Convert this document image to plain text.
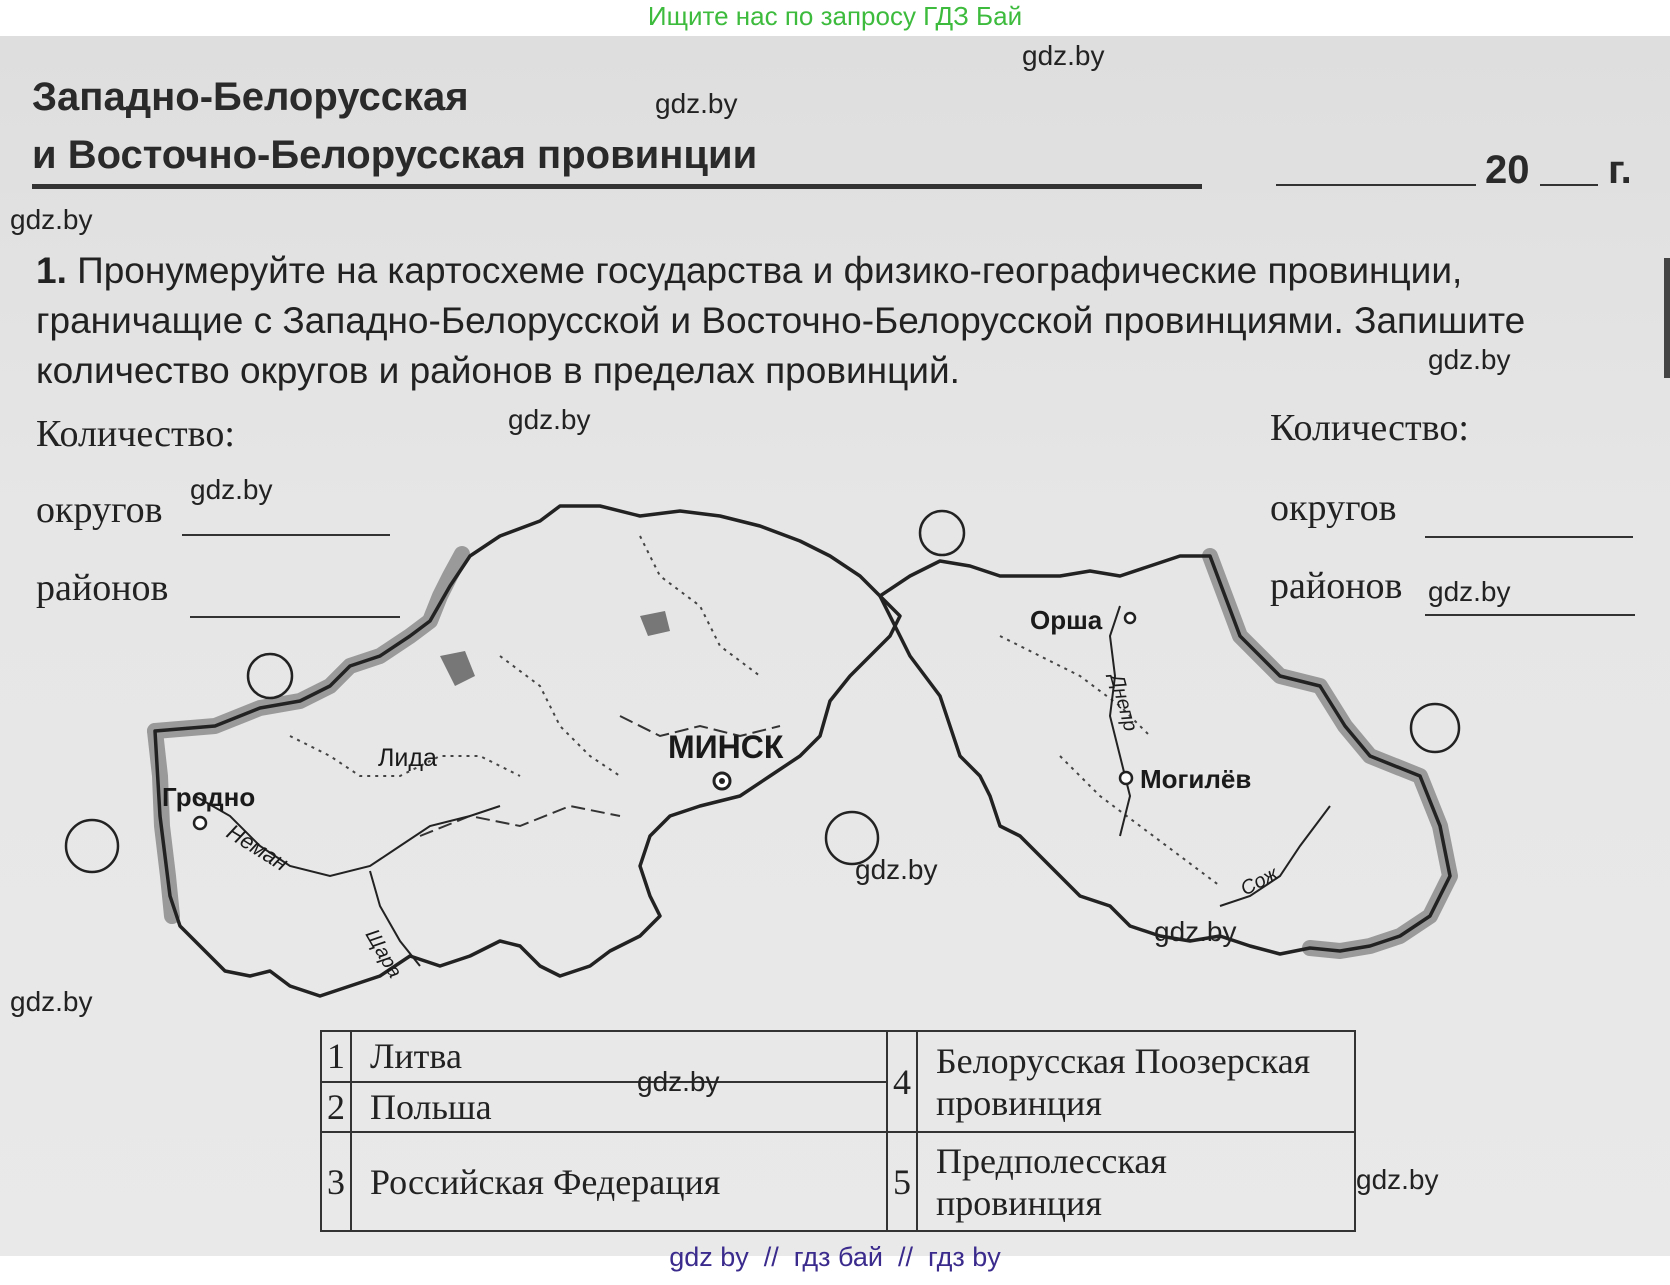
Ищите нас по запросу ГДЗ Бай
Западно-Белорусская
и Восточно-Белорусская провинции	20 г.
1. Пронумеруйте на картосхеме государства и физико-географические провинции, граничащие с Западно-Белорусской и Восточно-Белорусской провинциями. Запишите количество округов и районов в пределах провинций.
Количество:
округов
районов
Количество:
округов
районов
МИНСК
Гродно
Лида
Орша
Могилёв
Неман
Щара
Днепр
Сож
1	Литва	4	Белорусская Поозерская провинция
2	Польша		
3	Российская Федерация	5	Предполесская провинция
gdz.by
gdz.by
gdz.by
gdz.by
gdz.by
gdz.by
gdz.by
gdz.by
gdz.by
gdz.by
gdz.by
gdz.by
gdz by  //  гдз бай  //  гдз by
